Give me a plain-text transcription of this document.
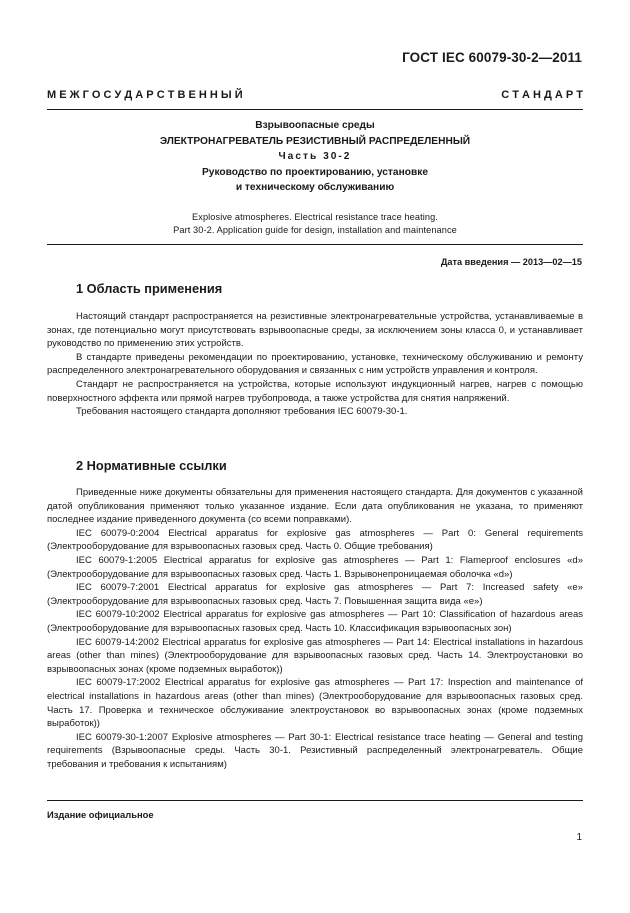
ГОСТ IEC 60079-30-2—2011
М Е Ж Г О С У Д А Р С Т В Е Н Н Ы Й	С Т А Н Д А Р Т
Взрывоопасные среды
ЭЛЕКТРОНАГРЕВАТЕЛЬ РЕЗИСТИВНЫЙ РАСПРЕДЕЛЕННЫЙ
Часть 30-2
Руководство по проектированию, установке
и техническому обслуживанию
Explosive atmospheres. Electrical resistance trace heating.
Part 30-2. Application guide for design, installation and maintenance
Дата введения — 2013—02—15
1 Область применения

Настоящий стандарт распространяется на резистивные электронагревательные устройства, устанавливаемые в зонах, где потенциально могут присутствовать взрывоопасные среды, за исключением зоны класса 0, и устанавливает руководство по применению этих устройств.

В стандарте приведены рекомендации по проектированию, установке, техническому обслуживанию и ремонту распределенного электронагревательного оборудования и связанных с ним устройств управления и контроля.

Стандарт не распространяется на устройства, которые используют индукционный нагрев, нагрев с помощью поверхностного эффекта или прямой нагрев трубопровода, а также устройства для снятия напряжений.

Требования настоящего стандарта дополняют требования IEC 60079-30-1.

2 Нормативные ссылки

Приведенные ниже документы обязательны для применения настоящего стандарта. Для документов с указанной датой опубликования применяют только указанное издание. Если дата опубликования не указана, то применяют последнее издание приведенного документа (со всеми поправками).

IEC 60079-0:2004 Electrical apparatus for explosive gas atmospheres — Part 0: General requirements (Электрооборудование для взрывоопасных газовых сред. Часть 0. Общие требования)

IEC 60079-1:2005 Electrical apparatus for explosive gas atmospheres — Part 1: Flameproof enclosures «d» (Электрооборудование для взрывоопасных газовых сред. Часть 1. Взрывонепроницаемая оболочка «d»)

IEC 60079-7:2001 Electrical apparatus for explosive gas atmospheres — Part 7: Increased safety «e» (Электрооборудование для взрывоопасных газовых сред. Часть 7. Повышенная защита вида «е»)

IEC 60079-10:2002 Electrical apparatus for explosive gas atmospheres — Part 10: Classification of hazardous areas (Электрооборудование для взрывоопасных газовых сред. Часть 10. Классификация взрывоопасных зон)

IEC 60079-14:2002 Electrical apparatus for explosive gas atmospheres — Part 14: Electrical installations in hazardous areas (other than mines) (Электрооборудование для взрывоопасных газовых сред. Часть 14. Электроустановки во взрывоопасных зонах (кроме подземных выработок))

IEC 60079-17:2002 Electrical apparatus for explosive gas atmospheres — Part 17: Inspection and maintenance of electrical installations in hazardous areas (other than mines) (Электрооборудование для взрывоопасных газовых сред. Часть 17. Проверка и техническое обслуживание электроустановок во взрывоопасных зонах (кроме подземных выработок))

IEC 60079-30-1:2007 Explosive atmospheres — Part 30-1: Electrical resistance trace heating — General and testing requirements (Взрывоопасные среды. Часть 30-1. Резистивный распределенный электронагреватель. Общие требования и требования к испытаниям)

Издание официальное
1
